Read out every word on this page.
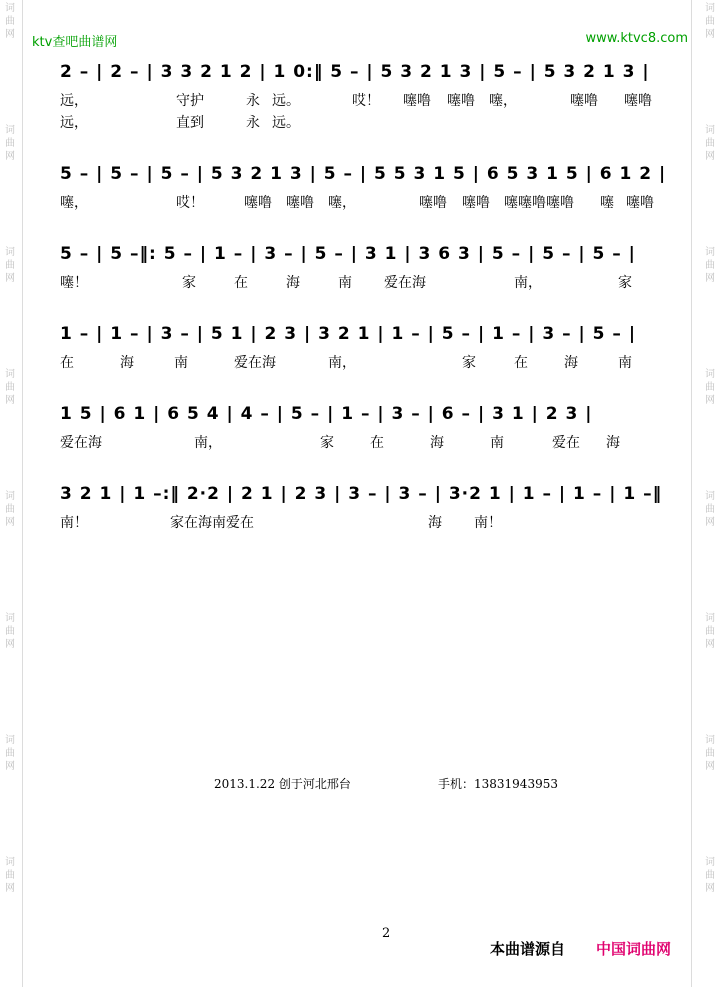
词
曲
网
词
曲
网
词
曲
网
词
曲
网
词
曲
网
词
曲
网
词
曲
网
词
曲
网
词
曲
网
词
曲
网
词
曲
网
词
曲
网
词
曲
网
词
曲
网
词
曲
网
词
曲
网
ktv查吧曲谱网	www.ktvc8.com
2 – | 2 – | 3 3 2 1 2 | 1 0:‖ 5 – | 5 3 2 1 3 | 5 – | 5 3 2 1 3 |
远，	守护	永 远。	哎！ 噻噜 噻噜 噻，	噻噜 噻噜
远，	直到	永 远。
5 – | 5 – | 5 – | 5 3 2 1 3 | 5 – | 5 5 3 1 5 | 6 5 3 1 5 | 6 1 2 |
噻，	哎！	噻噜 噻噜 噻，	噻噜 噻噜 噻噻噜噻噜 噻 噻噜
5 – | 5 –‖: 5 – | 1 – | 3 – | 5 – | 3 1 | 3 6 3 | 5 – | 5 – | 5 – |
噻！	家	在	海	南 爱在海	南，	家
1 – | 1 – | 3 – | 5 1 | 2 3 | 3 2 1 | 1 – | 5 – | 1 – | 3 – | 5 – |
在	海	南	爱在海	南，	家	在	海	南
1 5 | 6 1 | 6 5 4 | 4 – | 5 – | 1 – | 3 – | 6 – | 3 1 | 2 3 |
爱在海	南，	家	在	海	南	爱在 海
3 2 1 | 1 –:‖ 2·2 | 2 1 | 2 3 | 3 – | 3 – | 3·2 1 | 1 – | 1 – | 1 –‖
南！	家在海南爱在	海 南！
2013.1.22 创于河北邢台	手机：13831943953
2
本曲谱源自 中国词曲网
